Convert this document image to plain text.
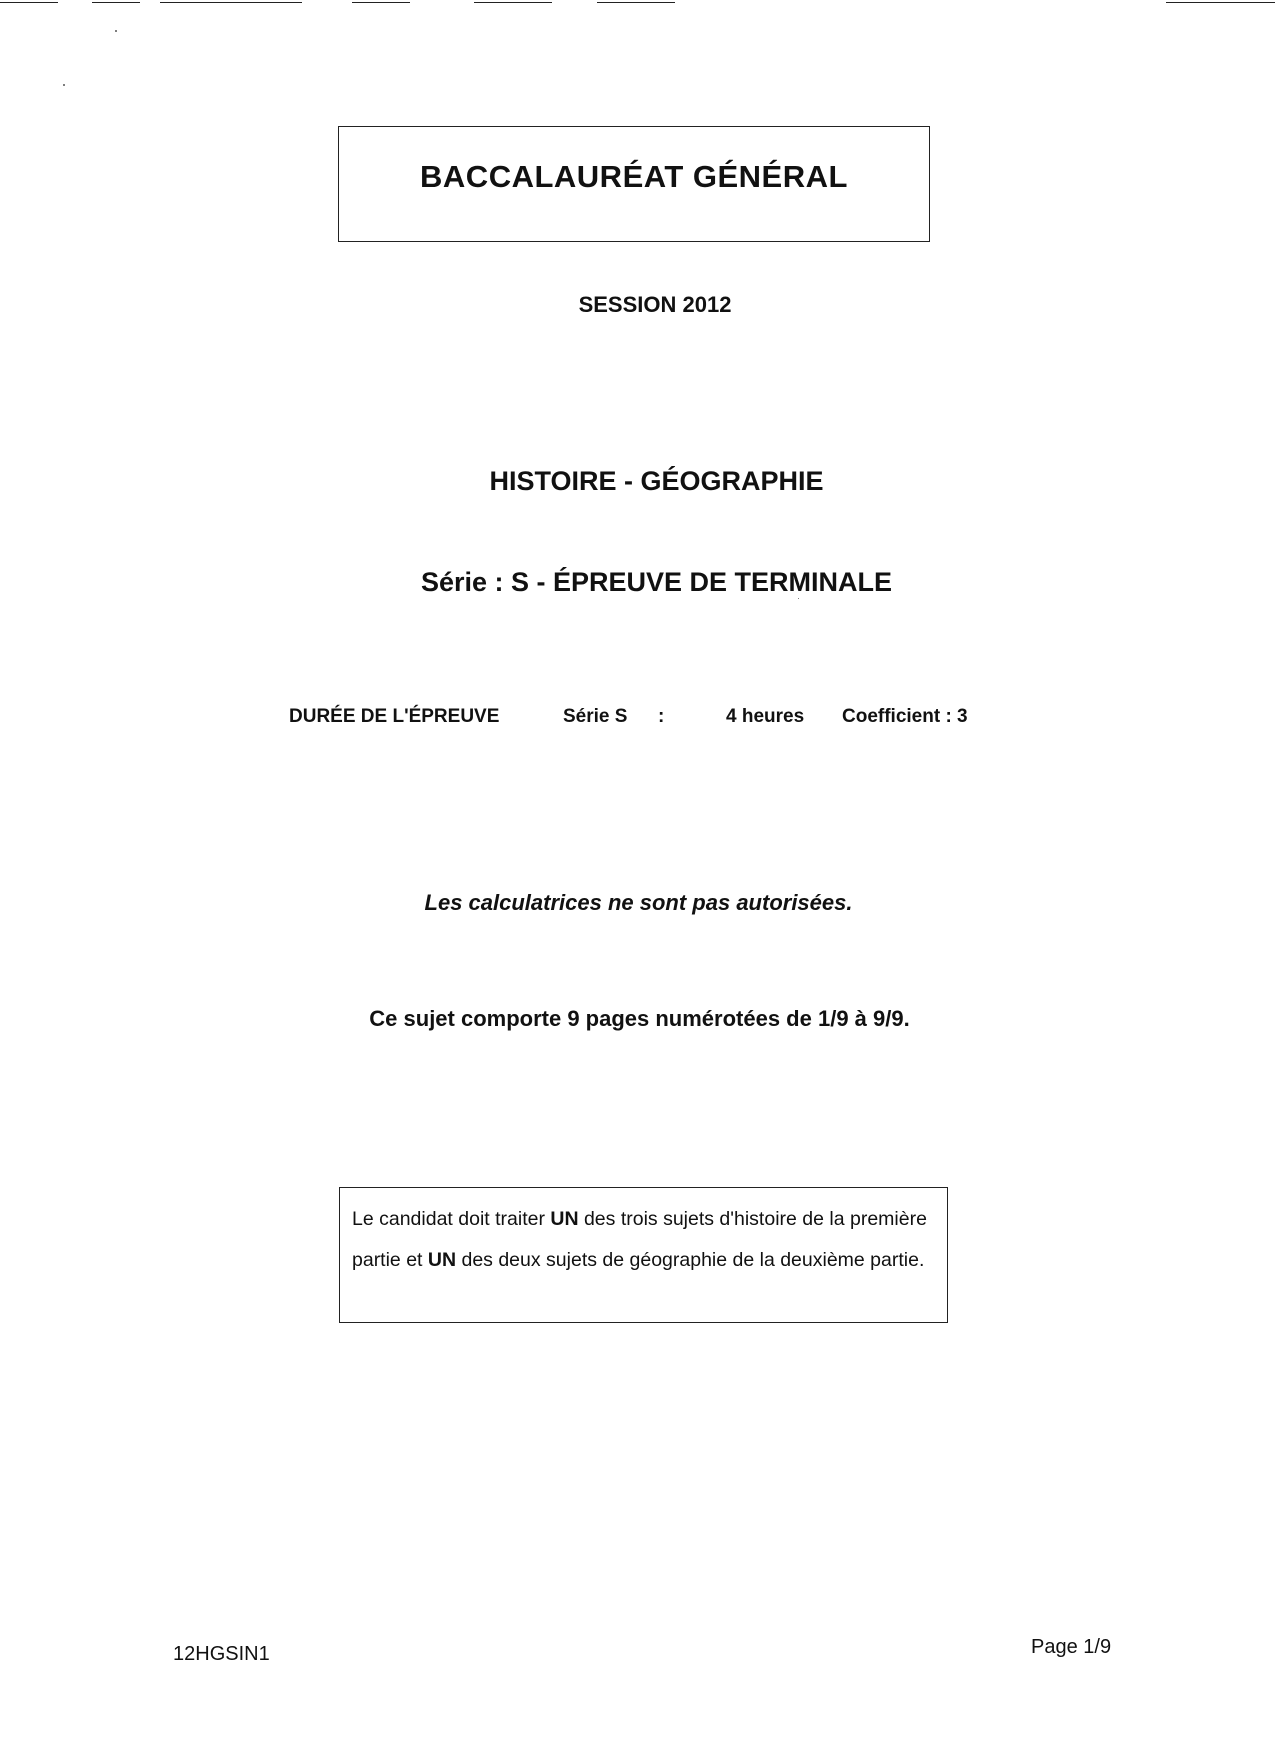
BACCALAURÉAT GÉNÉRAL
SESSION 2012
HISTOIRE - GÉOGRAPHIE
Série : S - ÉPREUVE DE TERMINALE
DURÉE DE L'ÉPREUVE	Série S :	4 heures Coefficient : 3
Les calculatrices ne sont pas autorisées.
Ce sujet comporte 9 pages numérotées de 1/9 à 9/9.
Le candidat doit traiter UN des trois sujets d'histoire de la première partie et UN des deux sujets de géographie de la deuxième partie.
12HGSIN1	Page 1/9
